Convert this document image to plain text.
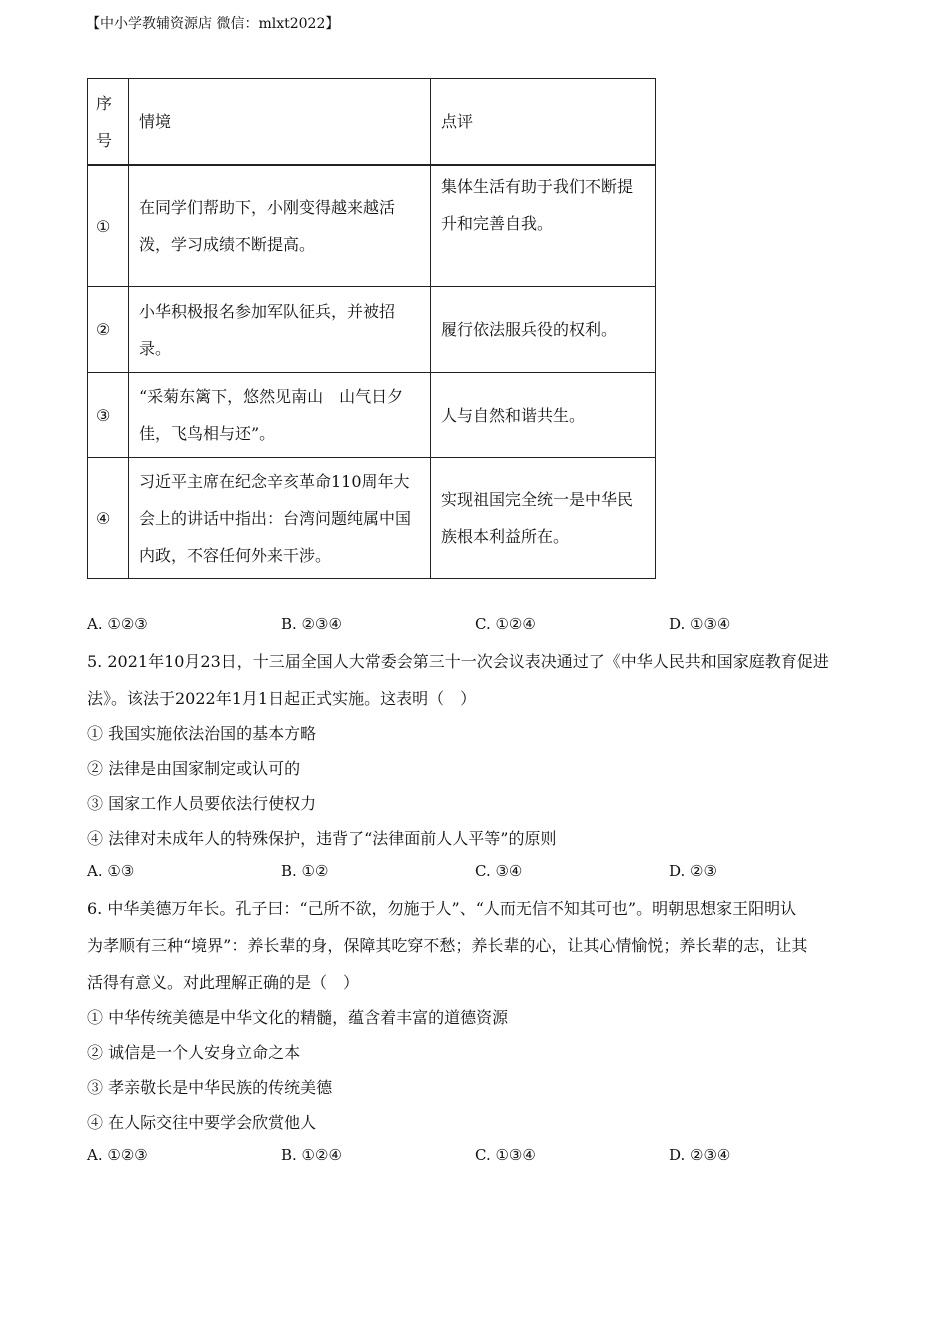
【中小学教辅资源店 微信：mlxt2022】
序号	情境	点评
①	在同学们帮助下，小刚变得越来越活泼，学习成绩不断提高。	集体生活有助于我们不断提升和完善自我。
②	小华积极报名参加军队征兵，并被招录。	履行依法服兵役的权利。
③	“采菊东篱下，悠然见南山　山气日夕佳，飞鸟相与还”。	人与自然和谐共生。
④	习近平主席在纪念辛亥革命110周年大会上的讲话中指出：台湾问题纯属中国内政，不容任何外来干涉。	实现祖国完全统一是中华民族根本利益所在。
A. ①②③	B. ②③④	C. ①②④	D. ①③④
5. 2021年10月23日，十三届全国人大常委会第三十一次会议表决通过了《中华人民共和国家庭教育促进
法》。该法于2022年1月1日起正式实施。这表明（　）
① 我国实施依法治国的基本方略
② 法律是由国家制定或认可的
③ 国家工作人员要依法行使权力
④ 法律对未成年人的特殊保护，违背了“法律面前人人平等”的原则
A. ①③	B. ①②	C. ③④	D. ②③
6. 中华美德万年长。孔子曰：“己所不欲，勿施于人”、“人而无信不知其可也”。明朝思想家王阳明认
为孝顺有三种“境界”：养长辈的身，保障其吃穿不愁；养长辈的心，让其心情愉悦；养长辈的志，让其
活得有意义。对此理解正确的是（　）
① 中华传统美德是中华文化的精髓，蕴含着丰富的道德资源
② 诚信是一个人安身立命之本
③ 孝亲敬长是中华民族的传统美德
④ 在人际交往中要学会欣赏他人
A. ①②③	B. ①②④	C. ①③④	D. ②③④
